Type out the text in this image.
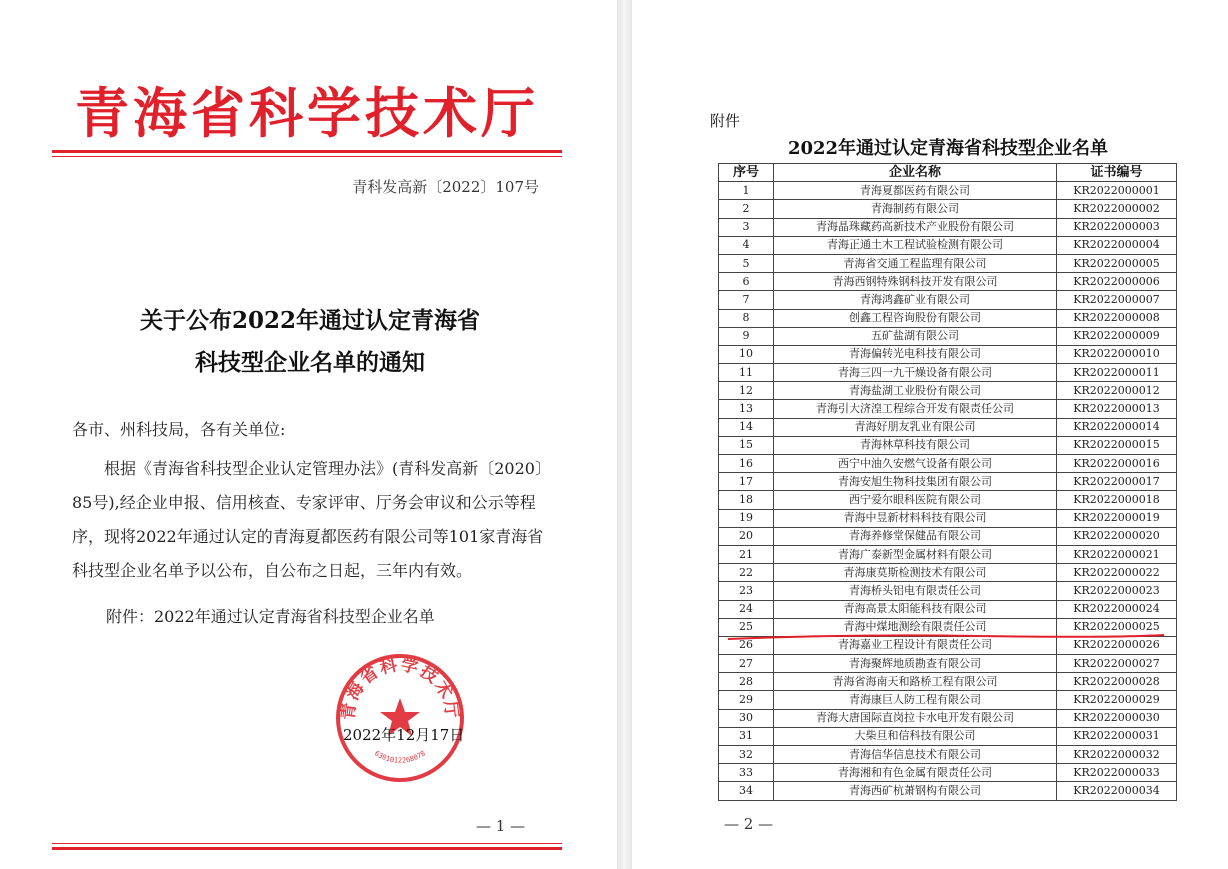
青海省科学技术厅
青科发高新〔2022〕107号
关于公布2022年通过认定青海省
科技型企业名单的通知
各市、州科技局，各有关单位:

根据《青海省科技型企业认定管理办法》(青科发高新〔2020〕85号),经企业申报、信用核查、专家评审、厅务会审议和公示等程序，现将2022年通过认定的青海夏都医药有限公司等101家青海省科技型企业名单予以公布，自公布之日起，三年内有效。

附件：2022年通过认定青海省科技型企业名单
青海省科学技术厅
6301012268078
2022年12月17日
— 1 —
附件
2022年通过认定青海省科技型企业名单
序号	企业名称	证书编号
1	青海夏都医药有限公司	KR2022000001
2	青海制药有限公司	KR2022000002
3	青海晶珠藏药高新技术产业股份有限公司	KR2022000003
4	青海正通土木工程试验检测有限公司	KR2022000004
5	青海省交通工程监理有限公司	KR2022000005
6	青海西钢特殊钢科技开发有限公司	KR2022000006
7	青海鸿鑫矿业有限公司	KR2022000007
8	创鑫工程咨询股份有限公司	KR2022000008
9	五矿盐湖有限公司	KR2022000009
10	青海偏转光电科技有限公司	KR2022000010
11	青海三四一九干燥设备有限公司	KR2022000011
12	青海盐湖工业股份有限公司	KR2022000012
13	青海引大济湟工程综合开发有限责任公司	KR2022000013
14	青海好朋友乳业有限公司	KR2022000014
15	青海林草科技有限公司	KR2022000015
16	西宁中油久安燃气设备有限公司	KR2022000016
17	青海安旭生物科技集团有限公司	KR2022000017
18	西宁爱尔眼科医院有限公司	KR2022000018
19	青海中昱新材料科技有限公司	KR2022000019
20	青海养修堂保健品有限公司	KR2022000020
21	青海广泰新型金属材料有限公司	KR2022000021
22	青海康莫斯检测技术有限公司	KR2022000022
23	青海桥头铝电有限责任公司	KR2022000023
24	青海高景太阳能科技有限公司	KR2022000024
25	青海中煤地测绘有限责任公司	KR2022000025
26	青海嘉业工程设计有限责任公司	KR2022000026
27	青海聚辉地质勘查有限公司	KR2022000027
28	青海省海南天和路桥工程有限公司	KR2022000028
29	青海康巨人防工程有限公司	KR2022000029
30	青海大唐国际直岗拉卡水电开发有限公司	KR2022000030
31	大柴旦和信科技有限公司	KR2022000031
32	青海信华信息技术有限公司	KR2022000032
33	青海湘和有色金属有限责任公司	KR2022000033
34	青海西矿杭萧钢构有限公司	KR2022000034
— 2 —
